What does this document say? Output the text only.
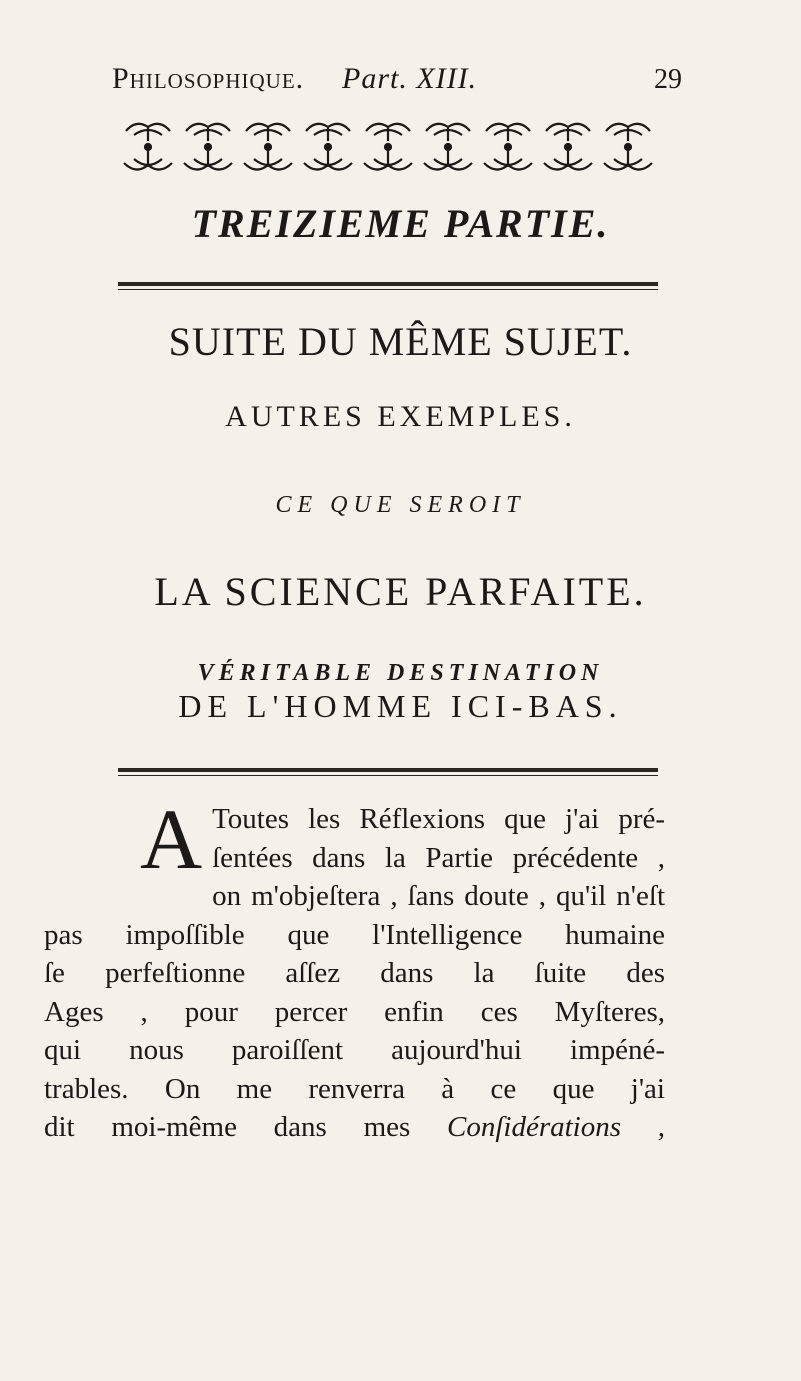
Philosophique. Part. XIII.	29
TREIZIEME PARTIE.
SUITE DU MÊME SUJET.
AUTRES EXEMPLES.
CE QUE SEROIT
LA SCIENCE PARFAITE.
VÉRITABLE DESTINATION
DE L'HOMME ICI-BAS.
A Toutes les Réflexions que j'ai pré-
ſentées dans la Partie précédente ,
on m'objeſtera , ſans doute , qu'il n'eſt
pas impoſſible que l'Intelligence humaine
ſe perfeſtionne aſſez dans la ſuite des
Ages , pour percer enfin ces Myſteres,
qui nous paroiſſent aujourd'hui impéné-
trables. On me renverra à ce que j'ai
dit moi-même dans mes Conſidérations ,
